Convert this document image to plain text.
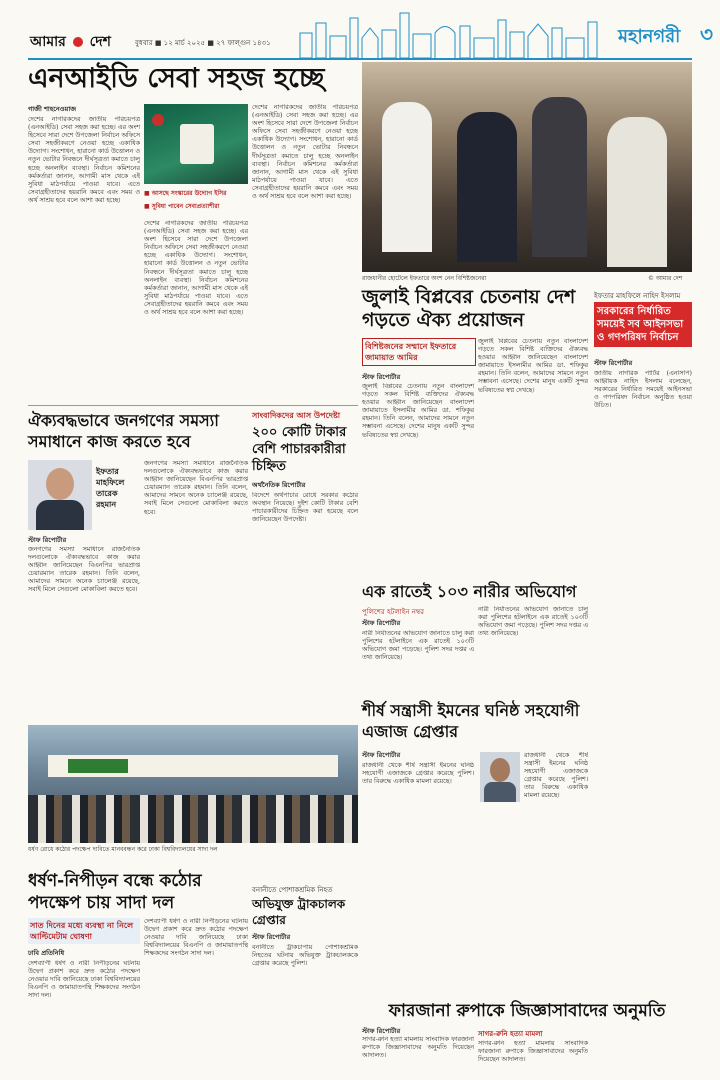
আমার দেশ	বুধবার ■ ১২ মার্চ ২০২৫ ■ ২৭ ফাল্গুন ১৪৩১	মহানগরী ৩
এনআইডি সেবা সহজ হচ্ছে
গাজী শাহনেওয়াজ
দেশের নাগরিকদের জাতীয় পরিচয়পত্র (এনআইডি) সেবা সহজ করা হচ্ছে। এর অংশ হিসেবে সারা দেশে উপজেলা নির্বাচন অফিসে সেবা সহজীকরণে নেওয়া হচ্ছে একাধিক উদ্যোগ। সংশোধন, হারানো কার্ড উত্তোলন ও নতুন ভোটার নিবন্ধনে দীর্ঘসূত্রতা কমাতে চালু হচ্ছে অনলাইন ব্যবস্থা। নির্বাচন কমিশনের কর্মকর্তারা জানান, আগামী মাস থেকে এই সুবিধা মাঠপর্যায়ে পাওয়া যাবে। এতে সেবাগ্রহীতাদের হয়রানি কমবে এবং সময় ও অর্থ সাশ্রয় হবে বলে আশা করা হচ্ছে।
■ আসছে সংস্কারের উদ্যোগ ইসির
■ সুবিধা পাবেন সেবাপ্রত্যাশীরা
দেশের নাগরিকদের জাতীয় পরিচয়পত্র (এনআইডি) সেবা সহজ করা হচ্ছে। এর অংশ হিসেবে সারা দেশে উপজেলা নির্বাচন অফিসে সেবা সহজীকরণে নেওয়া হচ্ছে একাধিক উদ্যোগ। সংশোধন, হারানো কার্ড উত্তোলন ও নতুন ভোটার নিবন্ধনে দীর্ঘসূত্রতা কমাতে চালু হচ্ছে অনলাইন ব্যবস্থা। নির্বাচন কমিশনের কর্মকর্তারা জানান, আগামী মাস থেকে এই সুবিধা মাঠপর্যায়ে পাওয়া যাবে। এতে সেবাগ্রহীতাদের হয়রানি কমবে এবং সময় ও অর্থ সাশ্রয় হবে বলে আশা করা হচ্ছে।
দেশের নাগরিকদের জাতীয় পরিচয়পত্র (এনআইডি) সেবা সহজ করা হচ্ছে। এর অংশ হিসেবে সারা দেশে উপজেলা নির্বাচন অফিসে সেবা সহজীকরণে নেওয়া হচ্ছে একাধিক উদ্যোগ। সংশোধন, হারানো কার্ড উত্তোলন ও নতুন ভোটার নিবন্ধনে দীর্ঘসূত্রতা কমাতে চালু হচ্ছে অনলাইন ব্যবস্থা। নির্বাচন কমিশনের কর্মকর্তারা জানান, আগামী মাস থেকে এই সুবিধা মাঠপর্যায়ে পাওয়া যাবে। এতে সেবাগ্রহীতাদের হয়রানি কমবে এবং সময় ও অর্থ সাশ্রয় হবে বলে আশা করা হচ্ছে।
রাজধানীর হোটেলে ইফতারে অংশ নেন বিশিষ্টজনেরা	© আমার দেশ
জুলাই বিপ্লবের চেতনায় দেশ গড়তে ঐক্য প্রয়োজন
বিশিষ্টজনের সম্মানে ইফতারে জামায়াত আমির
স্টাফ রিপোর্টার
জুলাই বিপ্লবের চেতনায় নতুন বাংলাদেশ গড়তে সকল বিশিষ্ট ব্যক্তিদের ঐক্যবদ্ধ হওয়ার আহ্বান জানিয়েছেন বাংলাদেশ জামায়াতে ইসলামীর আমির ডা. শফিকুর রহমান। তিনি বলেন, আমাদের সামনে নতুন সম্ভাবনা এসেছে। দেশের মানুষ একটি সুন্দর ভবিষ্যতের স্বপ্ন দেখছে।
জুলাই বিপ্লবের চেতনায় নতুন বাংলাদেশ গড়তে সকল বিশিষ্ট ব্যক্তিদের ঐক্যবদ্ধ হওয়ার আহ্বান জানিয়েছেন বাংলাদেশ জামায়াতে ইসলামীর আমির ডা. শফিকুর রহমান। তিনি বলেন, আমাদের সামনে নতুন সম্ভাবনা এসেছে। দেশের মানুষ একটি সুন্দর ভবিষ্যতের স্বপ্ন দেখছে।
ইফতার মাহফিলে নাহিদ ইসলাম
সরকারের নির্ধারিত সময়েই সব আইনসভা ও গণপরিষদ নির্বাচন
স্টাফ রিপোর্টার
জাতীয় নাগরিক পার্টির (এনসিপি) আহ্বায়ক নাহিদ ইসলাম বলেছেন, সরকারের নির্ধারিত সময়েই আইনসভা ও গণপরিষদ নির্বাচন অনুষ্ঠিত হওয়া উচিত।
ঐক্যবদ্ধভাবে জনগণের সমস্যা সমাধানে কাজ করতে হবে
ইফতার মাহফিলে তারেক রহমান
স্টাফ রিপোর্টার
জনগণের সমস্যা সমাধানে রাজনৈতিক দলগুলোকে ঐক্যবদ্ধভাবে কাজ করার আহ্বান জানিয়েছেন বিএনপির ভারপ্রাপ্ত চেয়ারম্যান তারেক রহমান। তিনি বলেন, আমাদের সামনে অনেক চ্যালেঞ্জ রয়েছে, সবাই মিলে সেগুলো মোকাবিলা করতে হবে।
জনগণের সমস্যা সমাধানে রাজনৈতিক দলগুলোকে ঐক্যবদ্ধভাবে কাজ করার আহ্বান জানিয়েছেন বিএনপির ভারপ্রাপ্ত চেয়ারম্যান তারেক রহমান। তিনি বলেন, আমাদের সামনে অনেক চ্যালেঞ্জ রয়েছে, সবাই মিলে সেগুলো মোকাবিলা করতে হবে।
সাংবাদিকদের আস উপদেষ্টা
২০০ কোটি টাকার বেশি পাচারকারীরা চিহ্নিত
অর্থনৈতিক রিপোর্টার
বিদেশে অর্থপাচার রোধে সরকার কঠোর অবস্থান নিয়েছে। দুইশ কোটি টাকার বেশি পাচারকারীদের চিহ্নিত করা হয়েছে বলে জানিয়েছেন উপদেষ্টা।
এক রাতেই ১০৩ নারীর অভিযোগ
পুলিশের হটলাইন নম্বর
স্টাফ রিপোর্টার
নারী নির্যাতনের অভিযোগ জানাতে চালু করা পুলিশের হটলাইনে এক রাতেই ১০৩টি অভিযোগ জমা পড়েছে। পুলিশ সদর দপ্তর এ তথ্য জানিয়েছে।
নারী নির্যাতনের অভিযোগ জানাতে চালু করা পুলিশের হটলাইনে এক রাতেই ১০৩টি অভিযোগ জমা পড়েছে। পুলিশ সদর দপ্তর এ তথ্য জানিয়েছে।
শীর্ষ সন্ত্রাসী ইমনের ঘনিষ্ঠ সহযোগী এজাজ গ্রেপ্তার
স্টাফ রিপোর্টার
রাজধানী থেকে শীর্ষ সন্ত্রাসী ইমনের ঘনিষ্ঠ সহযোগী এজাজকে গ্রেপ্তার করেছে পুলিশ। তার বিরুদ্ধে একাধিক মামলা রয়েছে।
রাজধানী থেকে শীর্ষ সন্ত্রাসী ইমনের ঘনিষ্ঠ সহযোগী এজাজকে গ্রেপ্তার করেছে পুলিশ। তার বিরুদ্ধে একাধিক মামলা রয়েছে।
ধর্ষণ রোধে কঠোর পদক্ষেপ দাবিতে মানববন্ধন করে ঢাকা বিশ্ববিদ্যালয়ের সাদা দল
ধর্ষণ-নিপীড়ন বন্ধে কঠোর পদক্ষেপ চায় সাদা দল
সাত দিনের মধ্যে ব্যবস্থা না নিলে আল্টিমেটাম ঘোষণা
ঢাবি প্রতিনিধি
দেশব্যাপী ধর্ষণ ও নারী নিপীড়নের ঘটনায় উদ্বেগ প্রকাশ করে দ্রুত কঠোর পদক্ষেপ নেওয়ার দাবি জানিয়েছে ঢাকা বিশ্ববিদ্যালয়ের বিএনপি ও জামায়াতপন্থি শিক্ষকদের সংগঠন সাদা দল।
দেশব্যাপী ধর্ষণ ও নারী নিপীড়নের ঘটনায় উদ্বেগ প্রকাশ করে দ্রুত কঠোর পদক্ষেপ নেওয়ার দাবি জানিয়েছে ঢাকা বিশ্ববিদ্যালয়ের বিএনপি ও জামায়াতপন্থি শিক্ষকদের সংগঠন সাদা দল।
বনানীতে পোশাকশ্রমিক নিহত
অভিযুক্ত ট্রাকচালক গ্রেপ্তার
স্টাফ রিপোর্টার
বনানীতে ট্রাকচাপায় পোশাকশ্রমিক নিহতের ঘটনায় অভিযুক্ত ট্রাকচালককে গ্রেপ্তার করেছে পুলিশ।
ফারজানা রুপাকে জিজ্ঞাসাবাদের অনুমতি
স্টাফ রিপোর্টার
সাগর-রুনি হত্যা মামলায় সাংবাদিক ফারজানা রুপাকে জিজ্ঞাসাবাদের অনুমতি দিয়েছেন আদালত।
সাগর-রুনি হত্যা মামলা
সাগর-রুনি হত্যা মামলায় সাংবাদিক ফারজানা রুপাকে জিজ্ঞাসাবাদের অনুমতি দিয়েছেন আদালত।
